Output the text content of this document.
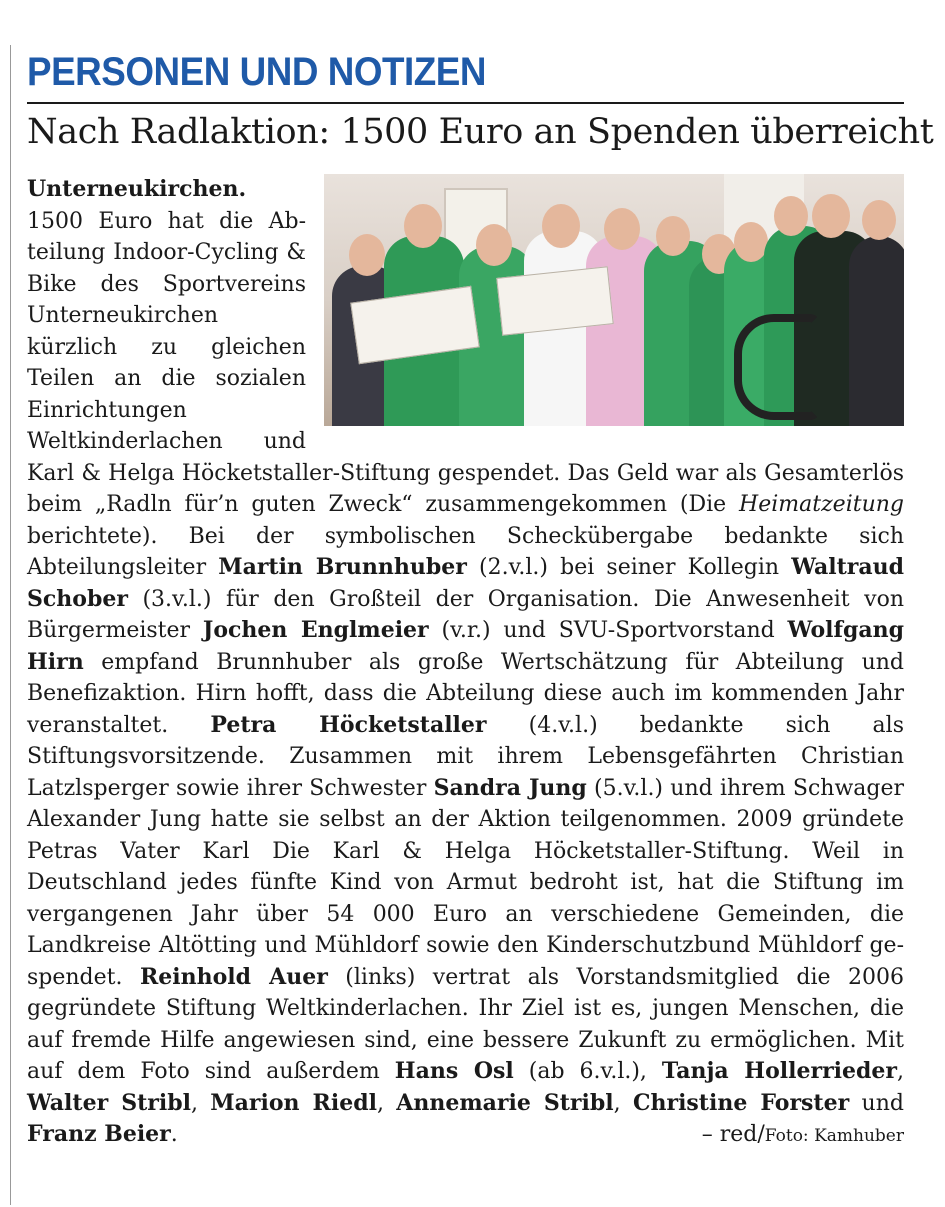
PERSONEN UND NOTIZEN
Nach Radlaktion: 1500 Euro an Spenden überreicht
Unterneukirchen.
1500 Euro hat die Abteilung Indoor-Cycling & Bike des Sportvereins Unterneukirchen kürzlich zu gleichen Teilen an die sozialen Einrichtungen Weltkinderlachen und Karl & Helga Höcketstaller-Stiftung gespendet. Das Geld war als Gesamterlös beim „Radln für’n guten Zweck“ zusammengekommen (Die Heimatzeitung berichtete). Bei der symbolischen Scheckübergabe bedankte sich Abteilungsleiter Martin Brunnhuber (2.v.l.) bei seiner Kollegin Waltraud Schober (3.v.l.) für den Großteil der Organisation. Die Anwesenheit von Bürgermeister Jochen Englmeier (v.r.) und SVU-Sportvorstand Wolfgang Hirn empfand Brunnhuber als große Wertschätzung für Abteilung und Benefizaktion. Hirn hofft, dass die Abteilung diese auch im kommenden Jahr veranstaltet. Petra Höcketstaller (4.v.l.) bedankte sich als Stiftungsvorsitzende. Zusammen mit ihrem Lebensgefährten Christian Latzlsperger sowie ihrer Schwester Sandra Jung (5.v.l.) und ihrem Schwager Alexander Jung hatte sie selbst an der Aktion teilgenommen. 2009 gründete Petras Vater Karl Die Karl & Helga Höcketstaller-Stiftung. Weil in Deutschland jedes fünfte Kind von Armut bedroht ist, hat die Stiftung im vergangenen Jahr über 54 000 Euro an verschiedene Gemeinden, die Landkreise Altötting und Mühldorf sowie den Kinderschutzbund Mühldorf gespendet. Reinhold Auer (links) vertrat als Vorstandsmitglied die 2006 gegründete Stiftung Weltkinderlachen. Ihr Ziel ist es, jungen Menschen, die auf fremde Hilfe angewiesen sind, eine bessere Zukunft zu ermöglichen. Mit auf dem Foto sind außerdem Hans Osl (ab 6.v.l.), Tanja Hollerrieder, Walter Stribl, Marion Riedl, Annemarie Stribl, Christine Forster und Franz Beier.	– red/Foto: Kamhuber
